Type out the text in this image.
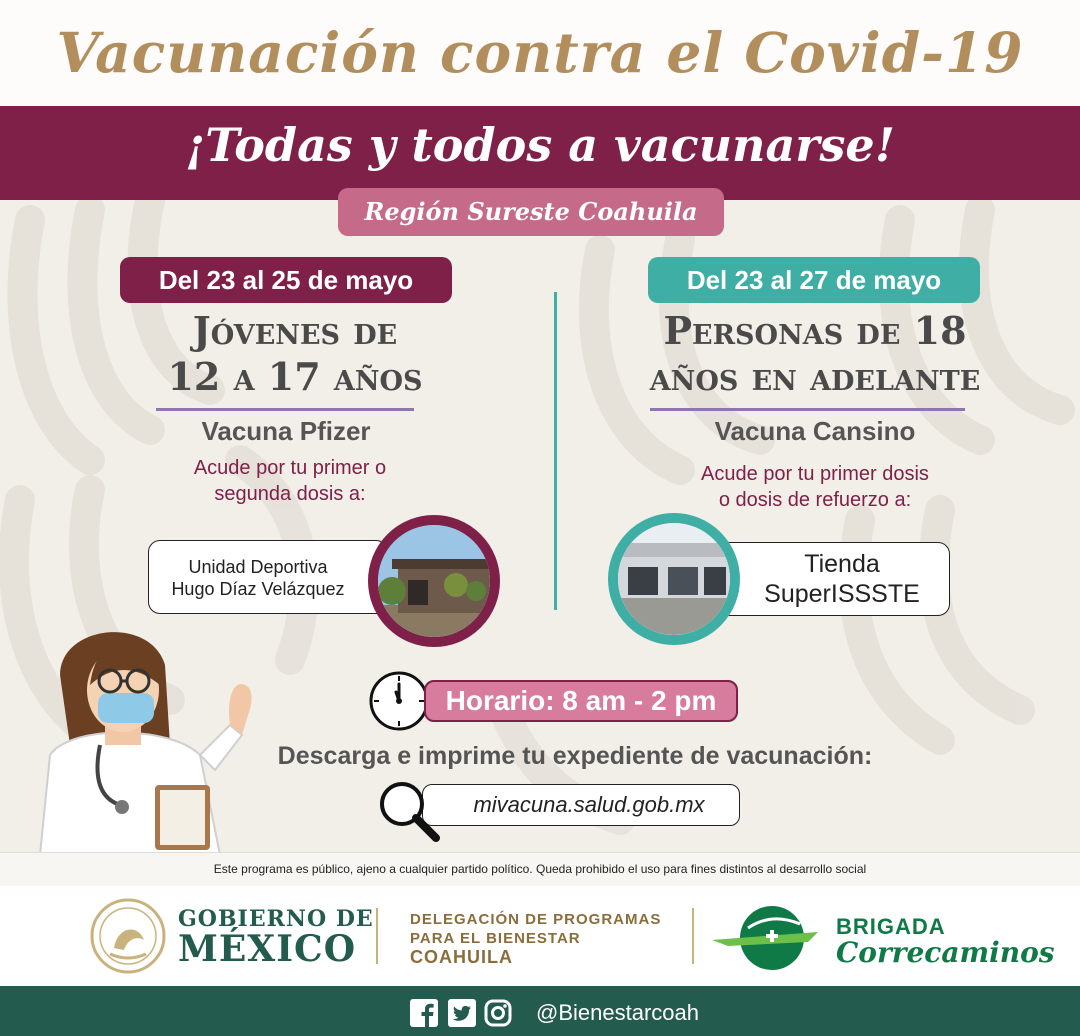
Vacunación contra el Covid-19
¡Todas y todos a vacunarse!
Región Sureste Coahuila
Del 23 al 25 de mayo
Jóvenes de
12 a 17 años
Vacuna Pfizer
Acude por tu primer o
segunda dosis a:
Unidad Deportiva
Hugo Díaz Velázquez
Del 23 al 27 de mayo
Personas de 18
años en adelante
Vacuna Cansino
Acude por tu primer dosis
o dosis de refuerzo a:
Tienda
SuperISSSTE
Horario: 8 am - 2 pm
Descarga e imprime tu expediente de vacunación:
mivacuna.salud.gob.mx
Este programa es público, ajeno a cualquier partido político. Queda prohibido el uso para fines distintos al desarrollo social
GOBIERNO DE
MÉXICO
DELEGACIÓN DE PROGRAMAS
PARA EL BIENESTAR
COAHUILA
BRIGADA
Correcaminos
@Bienestarcoah
